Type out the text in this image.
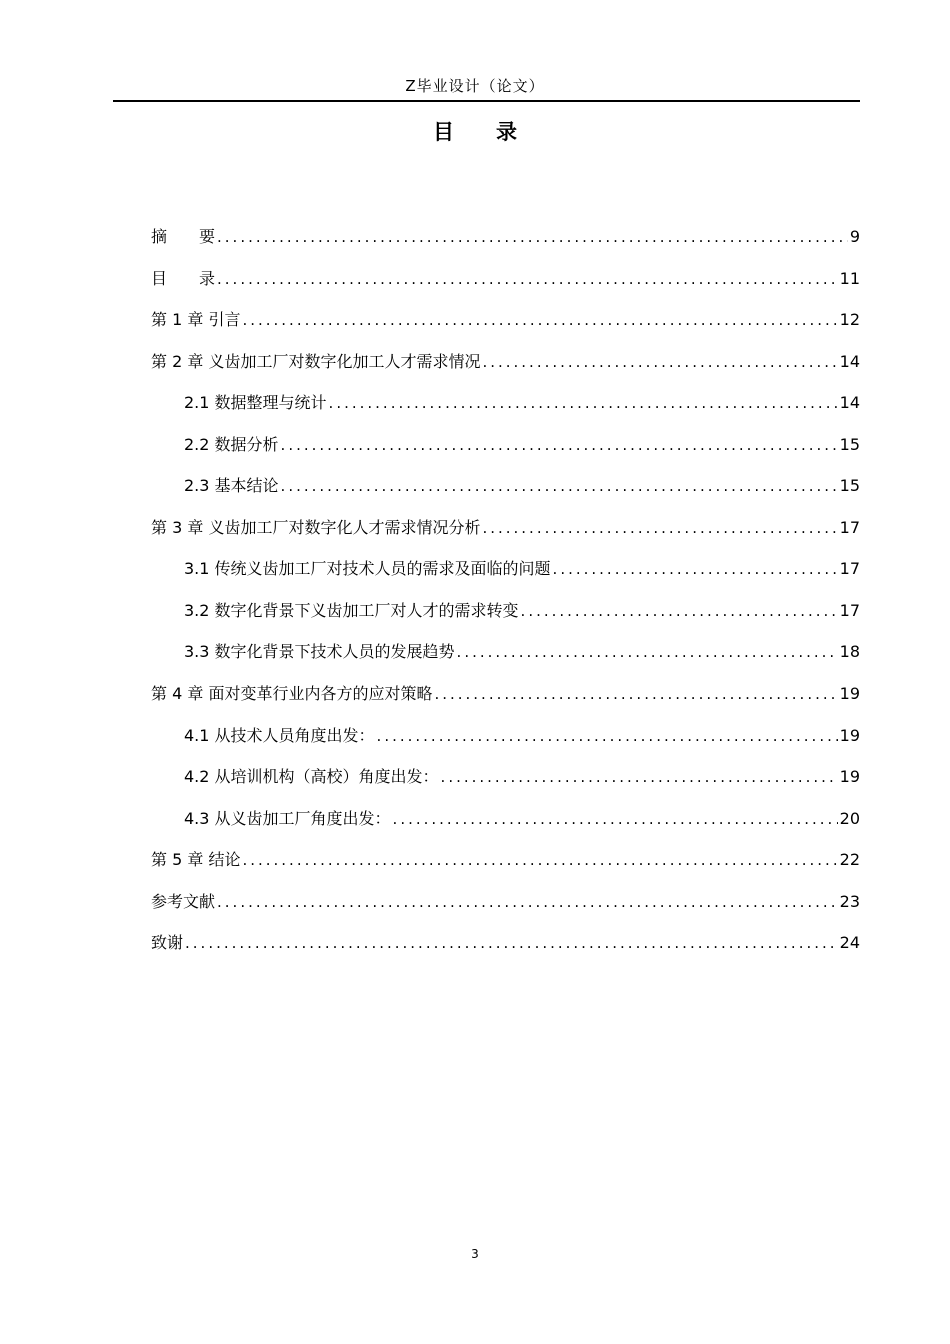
Z毕业设计（论文）
目　　录
摘　　要 .....	9
目　　录 .....	11
第 1 章 引言 .....	12
第 2 章 义齿加工厂对数字化加工人才需求情况 .....	14
2.1 数据整理与统计 .....	14
2.2 数据分析 .....	15
2.3 基本结论 .....	15
第 3 章 义齿加工厂对数字化人才需求情况分析 .....	17
3.1 传统义齿加工厂对技术人员的需求及面临的问题 .....	17
3.2 数字化背景下义齿加工厂对人才的需求转变 .....	17
3.3 数字化背景下技术人员的发展趋势 .....	18
第 4 章 面对变革行业内各方的应对策略 .....	19
4.1 从技术人员角度出发： .....	19
4.2 从培训机构（高校）角度出发： .....	19
4.3 从义齿加工厂角度出发： .....	20
第 5 章 结论 .....	22
参考文献 .....	23
致谢 .....	24
3
